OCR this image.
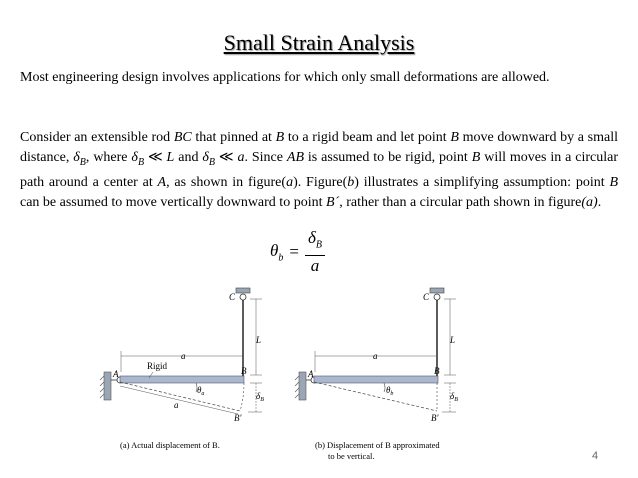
Small Strain Analysis

Most engineering design involves applications for which only small deformations are allowed.

Consider an extensible rod BC that pinned at B to a rigid beam and let point B move downward by a small distance, $\delta_B$, where $\delta_B$ ≪ L and $\delta_B$ ≪ a. Since AB is assumed to be rigid, point B will moves in a circular path around a center at A, as shown in figure(a). Figure(b) illustrates a simplifying assumption: point B can be assumed to move vertically downward to point B´, rather than a circular path shown in figure(a).

$\theta_b = \frac{\delta_B}{a}$
C
L
a
Rigid
A	B
$\theta_a$	$\delta_B$
a
B'
C
L
a
A	B
$\theta_b$	$\delta_B$
B'
(a) Actual displacement of B.	(b) Displacement of B approximated
to be vertical.	4
